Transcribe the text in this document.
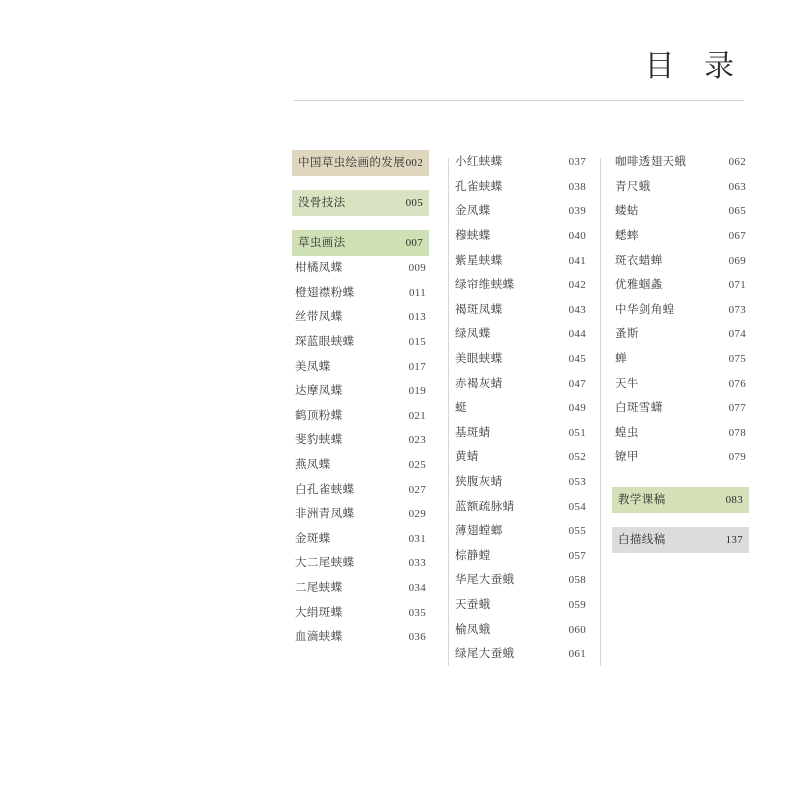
目 录
中国草虫绘画的发展 002
没骨技法	005
草虫画法	007
柑橘凤蝶	009
橙翅襟粉蝶	011
丝带凤蝶	013
琛蓝眼蛱蝶	015
美凤蝶	017
达摩凤蝶	019
鹤顶粉蝶	021
斐豹蛱蝶	023
燕凤蝶	025
白孔雀蛱蝶	027
非洲青凤蝶	029
金斑蝶	031
大二尾蛱蝶	033
二尾蛱蝶	034
大绢斑蝶	035
血滴蛱蝶	036
小红蛱蝶	037
孔雀蛱蝶	038
金凤蝶	039
穆蛱蝶	040
紫星蛱蝶	041
绿帘维蛱蝶	042
褐斑凤蝶	043
绿凤蝶	044
美眼蛱蝶	045
赤褐灰蜻	047
蜓	049
基斑蜻	051
黄蜻	052
狭腹灰蜻	053
蓝额疏脉蜻	054
薄翅螳螂	055
棕静螳	057
华尾大蚕蛾	058
天蚕蛾	059
榆凤蛾	060
绿尾大蚕蛾	061
咖啡透翅天蛾	062
青尺蛾	063
蝼蛄	065
蟋蟀	067
斑衣蜡蝉	069
优雅蝈螽	071
中华剑角蝗	073
蚤斯	074
蝉	075
天牛	076
白斑雪蟏	077
蝗虫	078
镣甲	079
教学课稿	083
白描线稿	137
